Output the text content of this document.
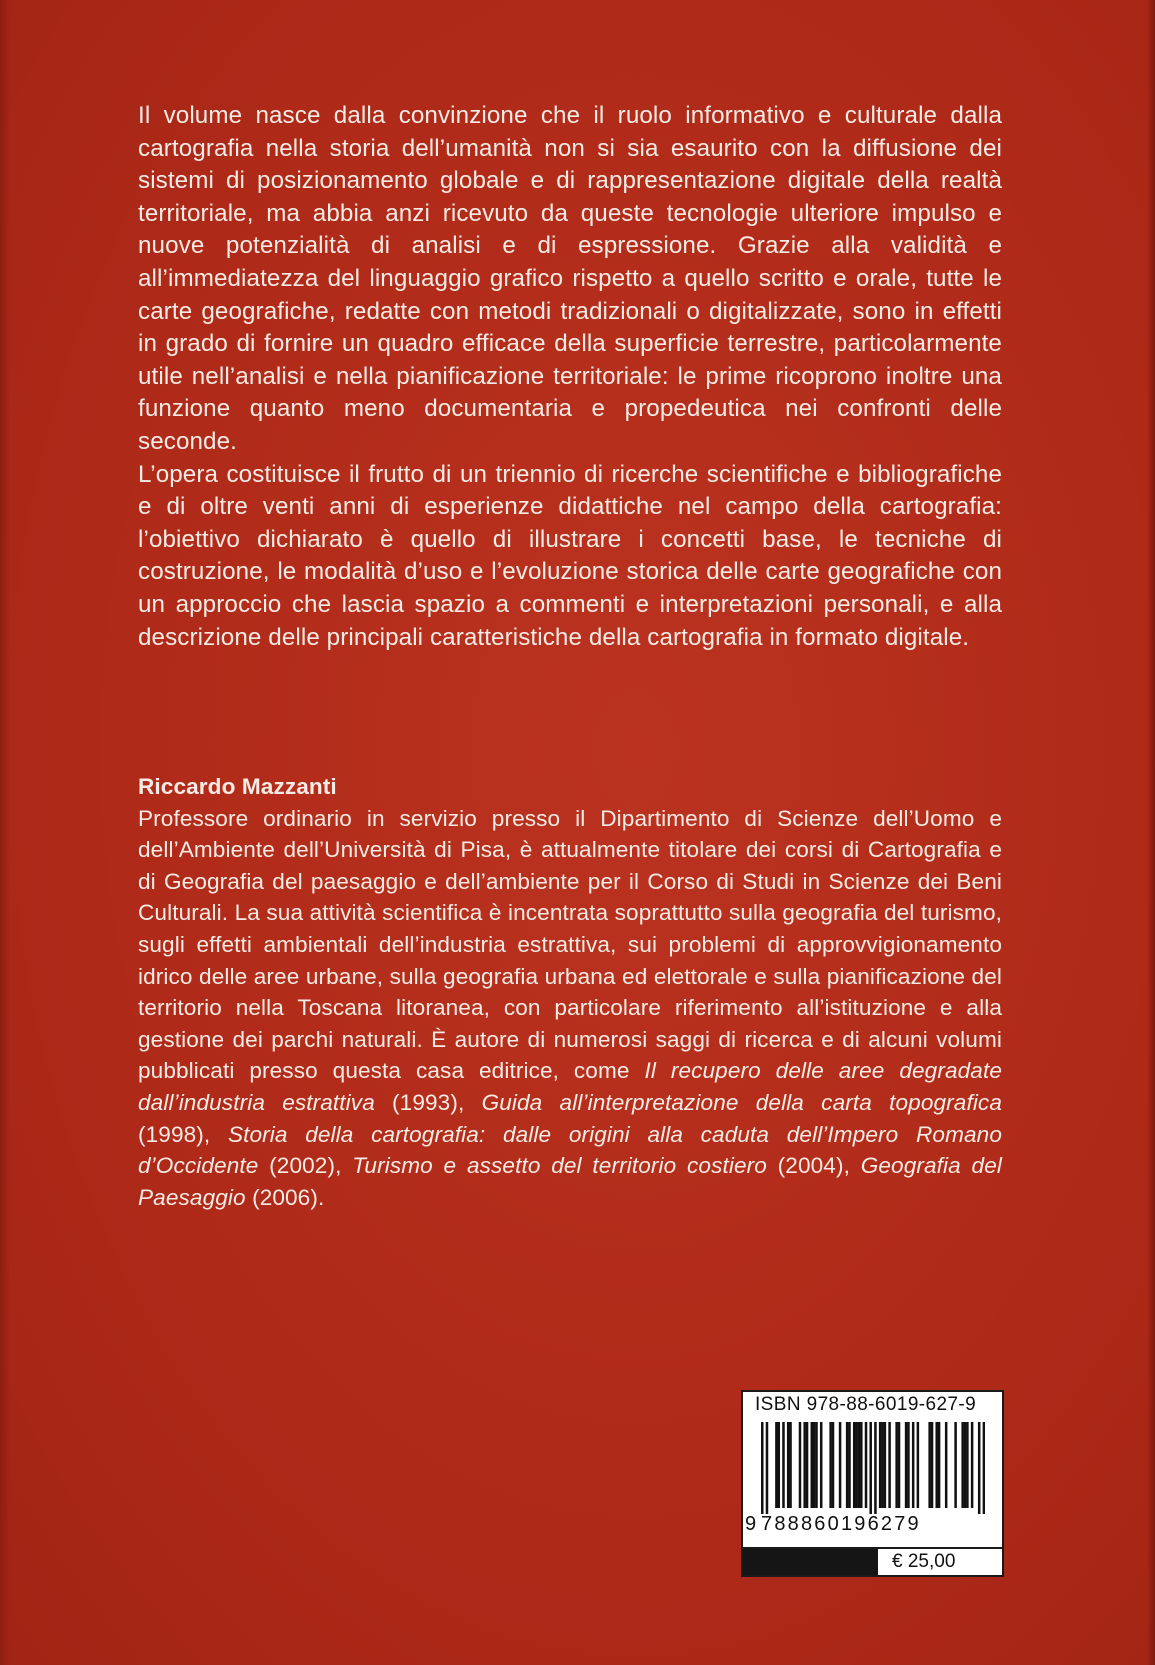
Il volume nasce dalla convinzione che il ruolo informativo e culturale dalla cartografia nella storia dell’umanità non si sia esaurito con la diffusione dei sistemi di posizionamento globale e di rappresentazione digitale della realtà territoriale, ma abbia anzi ricevuto da queste tecnologie ulteriore impulso e nuove potenzialità di analisi e di espressione. Grazie alla validità e all’immediatezza del linguaggio grafico rispetto a quello scritto e orale, tutte le carte geografiche, redatte con metodi tradizionali o digitalizzate, sono in effetti in grado di fornire un quadro efficace della superficie terrestre, particolarmente utile nell’analisi e nella pianificazione territoriale: le prime ricoprono inoltre una funzione quanto meno documentaria e propedeutica nei confronti delle seconde.

L’opera costituisce il frutto di un triennio di ricerche scientifiche e bibliografiche e di oltre venti anni di esperienze didattiche nel campo della cartografia: l’obiettivo dichiarato è quello di illustrare i concetti base, le tecniche di costruzione, le modalità d’uso e l’evoluzione storica delle carte geografiche con un approccio che lascia spazio a commenti e interpretazioni personali, e alla descrizione delle principali caratteristiche della cartografia in formato digitale.

Riccardo Mazzanti

Professore ordinario in servizio presso il Dipartimento di Scienze dell’Uomo e dell’Ambiente dell’Università di Pisa, è attualmente titolare dei corsi di Cartografia e di Geografia del paesaggio e dell’ambiente per il Corso di Studi in Scienze dei Beni Culturali. La sua attività scientifica è incentrata soprattutto sulla geografia del turismo, sugli effetti ambientali dell’industria estrattiva, sui problemi di approvvigionamento idrico delle aree urbane, sulla geografia urbana ed elettorale e sulla pianificazione del territorio nella Toscana litoranea, con particolare riferimento all’istituzione e alla gestione dei parchi naturali. È autore di numerosi saggi di ricerca e di alcuni volumi pubblicati presso questa casa editrice, come Il recupero delle aree degradate dall’industria estrattiva (1993), Guida all’interpretazione della carta topografica (1998), Storia della cartografia: dalle origini alla caduta dell’Impero Romano d’Occidente (2002), Turismo e assetto del territorio costiero (2004), Geografia del Paesaggio (2006).

ISBN 978-88-6019-627-9
9 788860196279
€ 25,00
